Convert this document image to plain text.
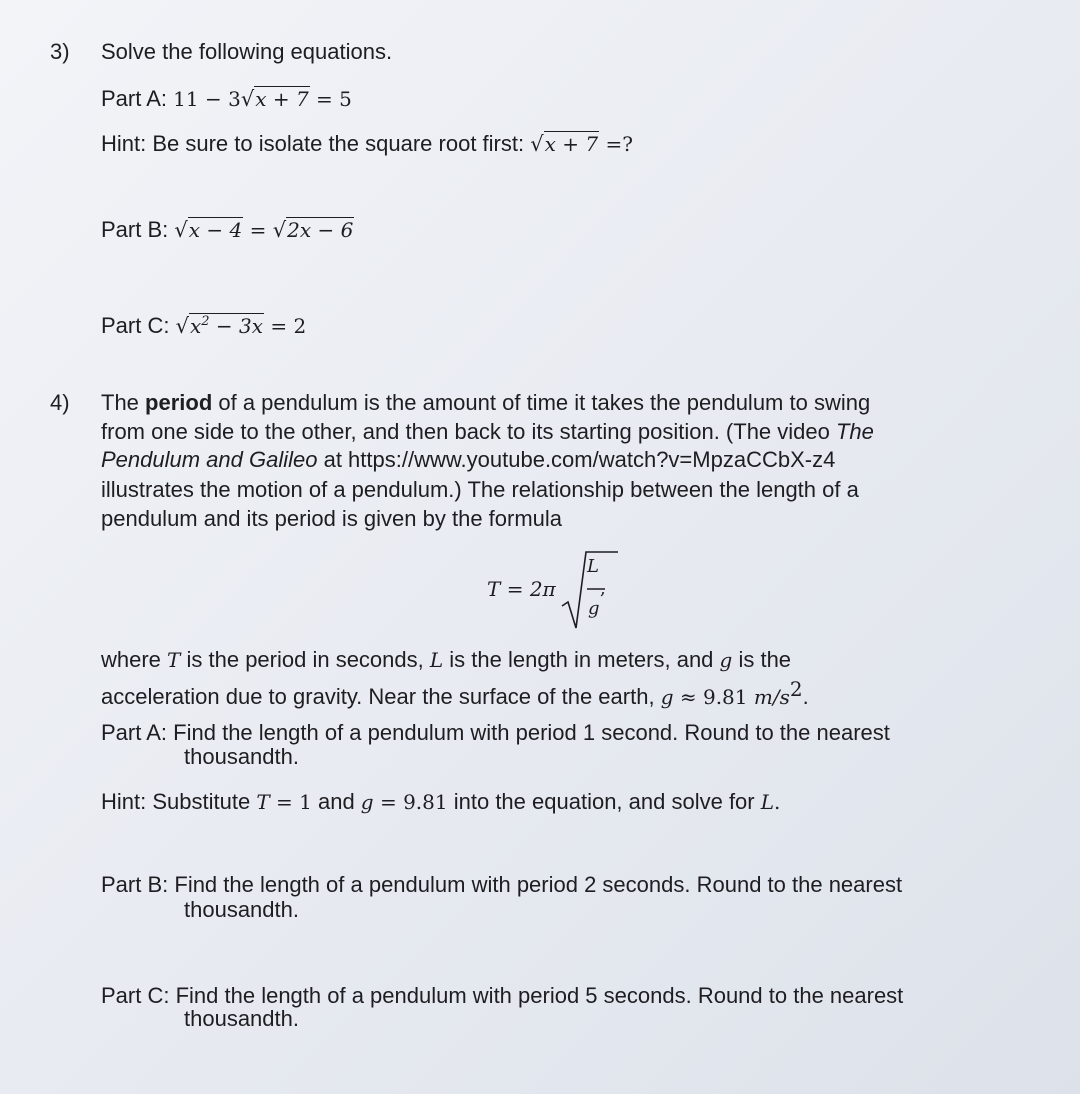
3) Solve the following equations.
Part A: 11 − 3√x + 7 = 5
Hint: Be sure to isolate the square root first: √x + 7 =?
Part B: √x − 4 = √2x − 6
Part C: $√x^2 - 3x = 2$
4) The period of a pendulum is the amount of time it takes the pendulum to swing
from one side to the other, and then back to its starting position. (The video The
Pendulum and Galileo at https://www.youtube.com/watch?v=MpzaCCbX-z4
illustrates the motion of a pendulum.) The relationship between the length of a
pendulum and its period is given by the formula
T = 2π
L
g
,
where T is the period in seconds, L is the length in meters, and g is the
acceleration due to gravity. Near the surface of the earth, g ≈ 9.81 $m/s^2$.
Part A: Find the length of a pendulum with period 1 second. Round to the nearest
thousandth.
Hint: Substitute T = 1 and g = 9.81 into the equation, and solve for L.
Part B: Find the length of a pendulum with period 2 seconds. Round to the nearest
thousandth.
Part C: Find the length of a pendulum with period 5 seconds. Round to the nearest
thousandth.
